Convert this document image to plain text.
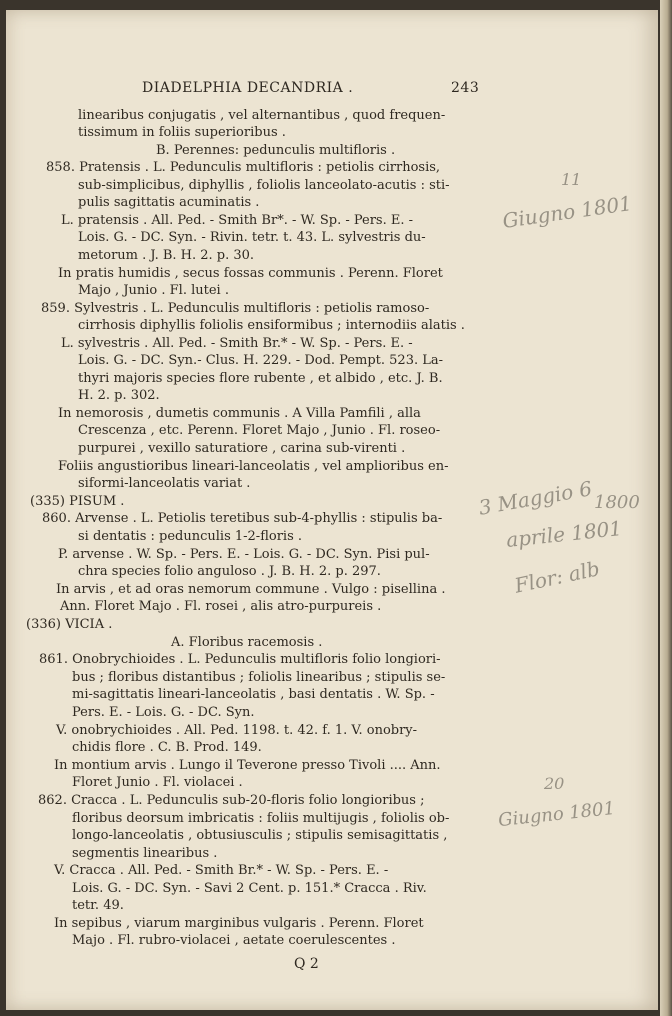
DIADELPHIA DECANDRIA .	243
linearibus conjugatis , vel alternantibus , quod frequen-
tissimum in foliis superioribus .
B. Perennes: pedunculis multifloris .
858. Pratensis . L. Pedunculis multifloris : petiolis cirrhosis,
sub-simplicibus, diphyllis , foliolis lanceolato-acutis : sti-
pulis sagittatis acuminatis .
L. pratensis . All. Ped. - Smith Br*. - W. Sp. - Pers. E. -
Lois. G. - DC. Syn. - Rivin. tetr. t. 43. L. sylvestris du-
metorum . J. B. H. 2. p. 30.
In pratis humidis , secus fossas communis . Perenn. Floret
Majo , Junio . Fl. lutei .
859. Sylvestris . L. Pedunculis multifloris : petiolis ramoso-
cirrhosis diphyllis foliolis ensiformibus ; internodiis alatis .
L. sylvestris . All. Ped. - Smith Br.* - W. Sp. - Pers. E. -
Lois. G. - DC. Syn.- Clus. H. 229. - Dod. Pempt. 523. La-
thyri majoris species flore rubente , et albido , etc. J. B.
H. 2. p. 302.
In nemorosis , dumetis communis . A Villa Pamfili , alla
Crescenza , etc. Perenn. Floret Majo , Junio . Fl. roseo-
purpurei , vexillo saturatiore , carina sub-virenti .
Foliis angustioribus lineari-lanceolatis , vel amplioribus en-
siformi-lanceolatis variat .
(335) PISUM .
860. Arvense . L. Petiolis teretibus sub-4-phyllis : stipulis ba-
si dentatis : pedunculis 1-2-floris .
P. arvense . W. Sp. - Pers. E. - Lois. G. - DC. Syn. Pisi pul-
chra species folio anguloso . J. B. H. 2. p. 297.
In arvis , et ad oras nemorum commune . Vulgo : pisellina .
Ann. Floret Majo . Fl. rosei , alis atro-purpureis .
(336) VICIA .
A. Floribus racemosis .
861. Onobrychioides . L. Pedunculis multifloris folio longiori-
bus ; floribus distantibus ; foliolis linearibus ; stipulis se-
mi-sagittatis lineari-lanceolatis , basi dentatis . W. Sp. -
Pers. E. - Lois. G. - DC. Syn.
V. onobrychioides . All. Ped. 1198. t. 42. f. 1. V. onobry-
chidis flore . C. B. Prod. 149.
In montium arvis . Lungo il Teverone presso Tivoli .... Ann.
Floret Junio . Fl. violacei .
862. Cracca . L. Pedunculis sub-20-floris folio longioribus ;
floribus deorsum imbricatis : foliis multijugis , foliolis ob-
longo-lanceolatis , obtusiusculis ; stipulis semisagittatis ,
segmentis linearibus .
V. Cracca . All. Ped. - Smith Br.* - W. Sp. - Pers. E. -
Lois. G. - DC. Syn. - Savi 2 Cent. p. 151.* Cracca . Riv.
tetr. 49.
In sepibus , viarum marginibus vulgaris . Perenn. Floret
Majo . Fl. rubro-violacei , aetate coerulescentes .
Q 2
11
Giugno 1801
3 Maggio 6 1800
aprile 1801
Flor: alb
20
Giugno 1801
